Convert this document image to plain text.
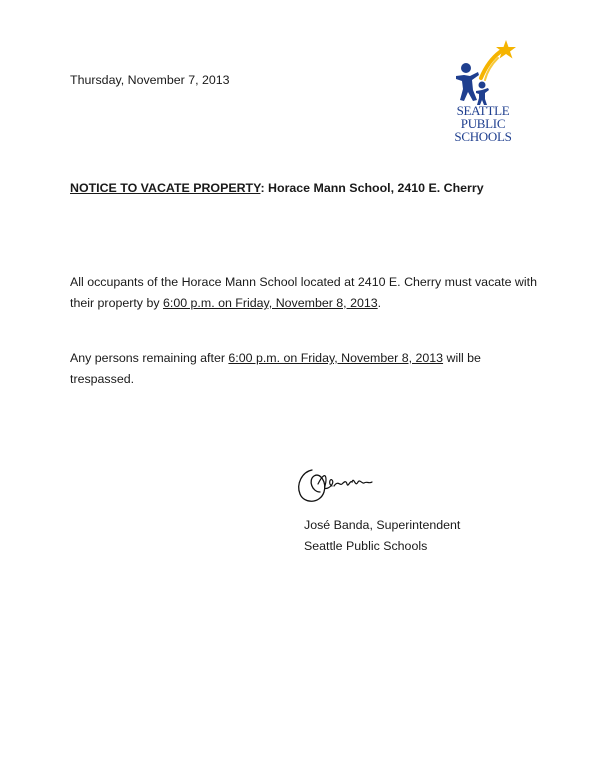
Thursday, November 7, 2013
SEATTLE
PUBLIC
SCHOOLS
NOTICE TO VACATE PROPERTY: Horace Mann School, 2410 E. Cherry
All occupants of the Horace Mann School located at 2410 E. Cherry must vacate with their property by 6:00 p.m. on Friday, November 8, 2013.
Any persons remaining after 6:00 p.m. on Friday, November 8, 2013 will be trespassed.
José Banda, Superintendent
Seattle Public Schools
